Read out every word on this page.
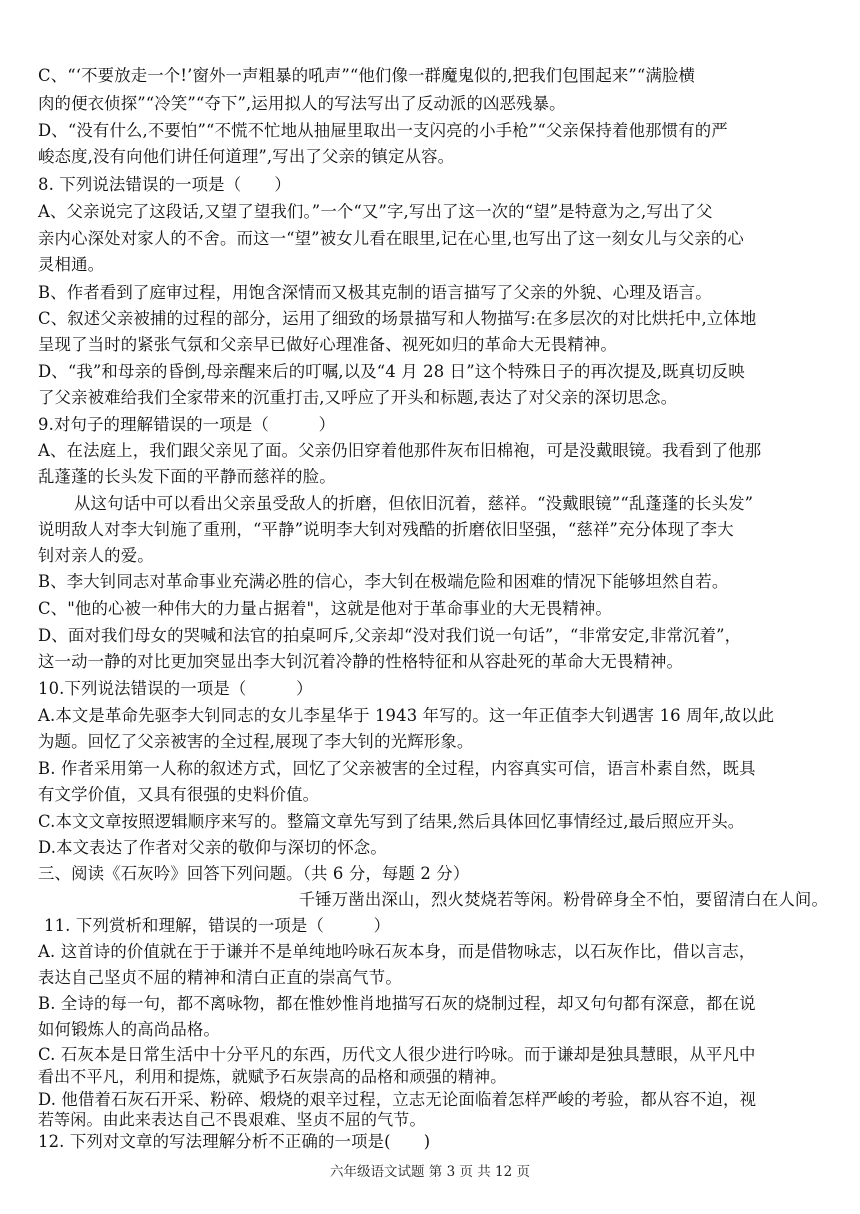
C、“‘不要放走一个!’窗外一声粗暴的吼声”“他们像一群魔鬼似的,把我们包围起来”“满脸横
肉的便衣侦探”“冷笑”“夺下”,运用拟人的写法写出了反动派的凶恶残暴。
D、“没有什么,不要怕”“不慌不忙地从抽屉里取出一支闪亮的小手枪”“父亲保持着他那惯有的严
峻态度,没有向他们讲任何道理”,写出了父亲的镇定从容。
8. 下列说法错误的一项是（　　）
A、父亲说完了这段话,又望了望我们。”一个“又”字,写出了这一次的“望”是特意为之,写出了父
亲内心深处对家人的不舍。而这一“望”被女儿看在眼里,记在心里,也写出了这一刻女儿与父亲的心
灵相通。
B、作者看到了庭审过程，用饱含深情而又极其克制的语言描写了父亲的外貌、心理及语言。
C、叙述父亲被捕的过程的部分，运用了细致的场景描写和人物描写:在多层次的对比烘托中,立体地
呈现了当时的紧张气氛和父亲早已做好心理准备、视死如归的革命大无畏精神。
D、“我”和母亲的昏倒,母亲醒来后的叮嘱,以及“4 月 28 日”这个特殊日子的再次提及,既真切反映
了父亲被难给我们全家带来的沉重打击,又呼应了开头和标题,表达了对父亲的深切思念。
9.对句子的理解错误的一项是（　　　）
A、在法庭上，我们跟父亲见了面。父亲仍旧穿着他那件灰布旧棉袍，可是没戴眼镜。我看到了他那
乱蓬蓬的长头发下面的平静而慈祥的脸。
从这句话中可以看出父亲虽受敌人的折磨，但依旧沉着，慈祥。“没戴眼镜”“乱蓬蓬的长头发”
说明敌人对李大钊施了重刑，“平静”说明李大钊对残酷的折磨依旧坚强，“慈祥”充分体现了李大
钊对亲人的爱。
B、李大钊同志对革命事业充满必胜的信心，李大钊在极端危险和困难的情况下能够坦然自若。
C、"他的心被一种伟大的力量占据着"，这就是他对于革命事业的大无畏精神。
D、面对我们母女的哭喊和法官的拍桌呵斥,父亲却“没对我们说一句话”，“非常安定,非常沉着”，
这一动一静的对比更加突显出李大钊沉着冷静的性格特征和从容赴死的革命大无畏精神。
10.下列说法错误的一项是（　　　）
A.本文是革命先驱李大钊同志的女儿李星华于 1943 年写的。这一年正值李大钊遇害 16 周年,故以此
为题。回忆了父亲被害的全过程,展现了李大钊的光辉形象。
B. 作者采用第一人称的叙述方式，回忆了父亲被害的全过程，内容真实可信，语言朴素自然，既具
有文学价值，又具有很强的史料价值。
C.本文文章按照逻辑顺序来写的。整篇文章先写到了结果,然后具体回忆事情经过,最后照应开头。
D.本文表达了作者对父亲的敬仰与深切的怀念。
三、阅读《石灰吟》回答下列问题。（共 6 分，每题 2 分）
千锤万凿出深山，烈火焚烧若等闲。粉骨碎身全不怕，要留清白在人间。
11. 下列赏析和理解，错误的一项是（　　　）
A. 这首诗的价值就在于于谦并不是单纯地吟咏石灰本身，而是借物咏志，以石灰作比，借以言志，
表达自己坚贞不屈的精神和清白正直的崇高气节。
B. 全诗的每一句，都不离咏物，都在惟妙惟肖地描写石灰的烧制过程，却又句句都有深意，都在说
如何锻炼人的高尚品格。
C. 石灰本是日常生活中十分平凡的东西，历代文人很少进行吟咏。而于谦却是独具慧眼，从平凡中
看出不平凡，利用和提炼，就赋予石灰崇高的品格和顽强的精神。
D. 他借着石灰石开采、粉碎、煅烧的艰辛过程，立志无论面临着怎样严峻的考验，都从容不迫，视
若等闲。由此来表达自己不畏艰难、坚贞不屈的气节。
12. 下列对文章的写法理解分析不正确的一项是(　　)
六年级语文试题 第 3 页 共 12 页
